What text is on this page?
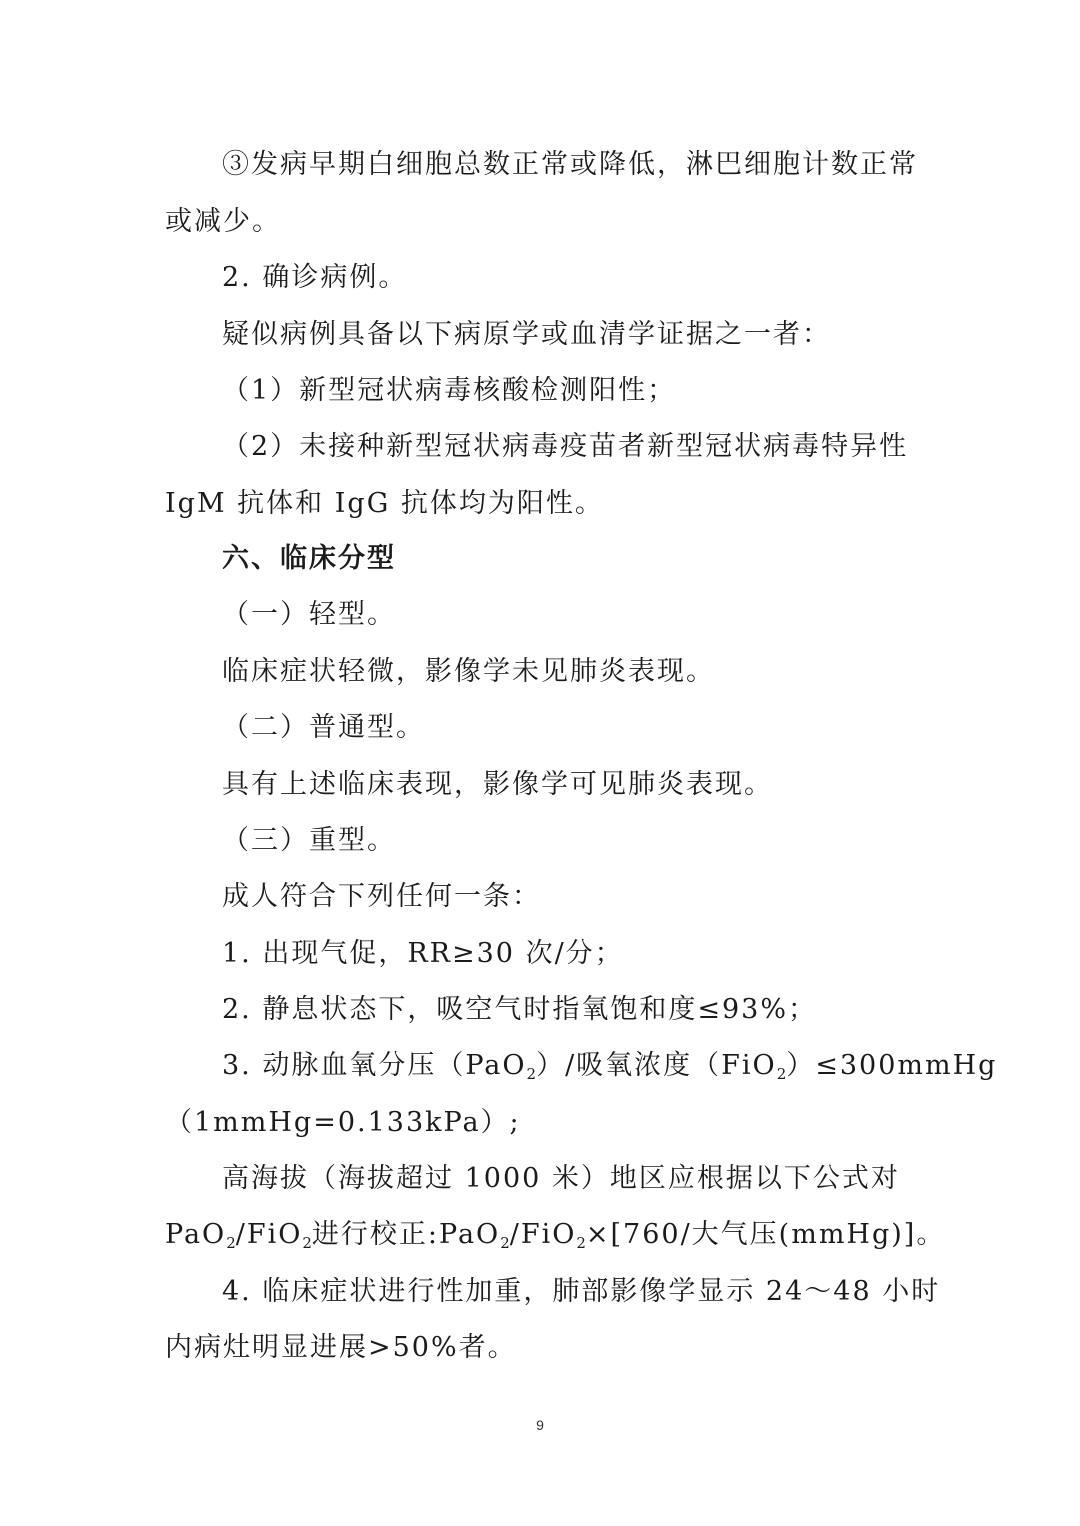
③发病早期白细胞总数正常或降低，淋巴细胞计数正常
或减少。
2. 确诊病例。
疑似病例具备以下病原学或血清学证据之一者：
（1）新型冠状病毒核酸检测阳性；
（2）未接种新型冠状病毒疫苗者新型冠状病毒特异性
IgM 抗体和 IgG 抗体均为阳性。
六、临床分型
（一）轻型。
临床症状轻微，影像学未见肺炎表现。
（二）普通型。
具有上述临床表现，影像学可见肺炎表现。
（三）重型。
成人符合下列任何一条：
1. 出现气促，RR≥30 次/分；
2. 静息状态下，吸空气时指氧饱和度≤93%；
3. 动脉血氧分压（PaO$_2$）/吸氧浓度（FiO$_2$）≤300mmHg
（1mmHg=0.133kPa）;
高海拔（海拔超过 1000 米）地区应根据以下公式对
PaO$_2$/FiO$_2$进行校正:PaO$_2$/FiO$_2$×[760/大气压(mmHg)]。
4. 临床症状进行性加重，肺部影像学显示 24～48 小时
内病灶明显进展>50%者。
9
